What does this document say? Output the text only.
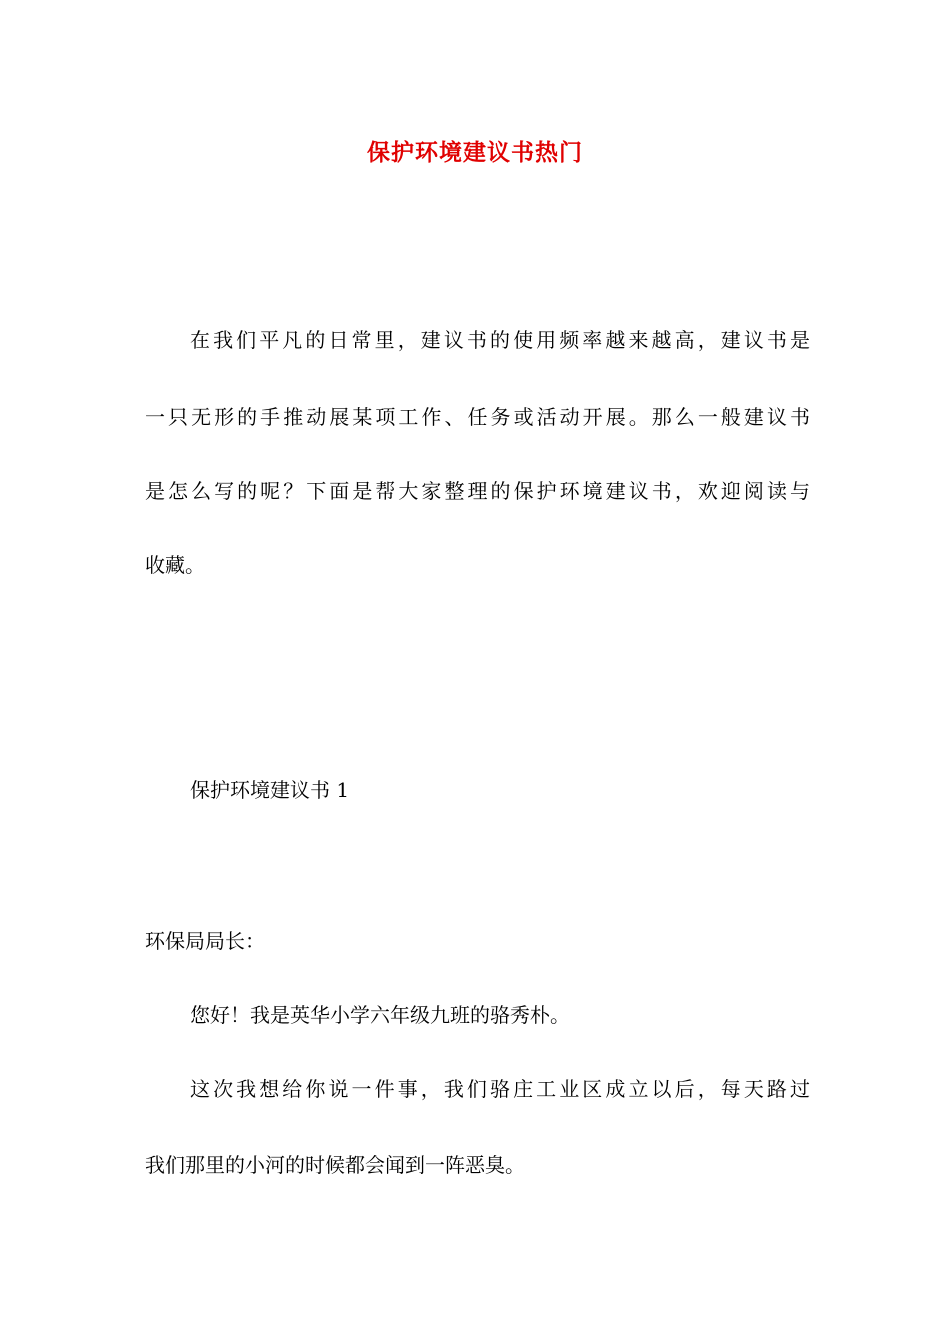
保护环境建议书热门
在我们平凡的日常里，建议书的使用频率越来越高，建议书是
一只无形的手推动展某项工作、任务或活动开展。那么一般建议书
是怎么写的呢？下面是帮大家整理的保护环境建议书，欢迎阅读与
收藏。
保护环境建议书 1
环保局局长：
您好！我是英华小学六年级九班的骆秀朴。
这次我想给你说一件事，我们骆庄工业区成立以后，每天路过
我们那里的小河的时候都会闻到一阵恶臭。
